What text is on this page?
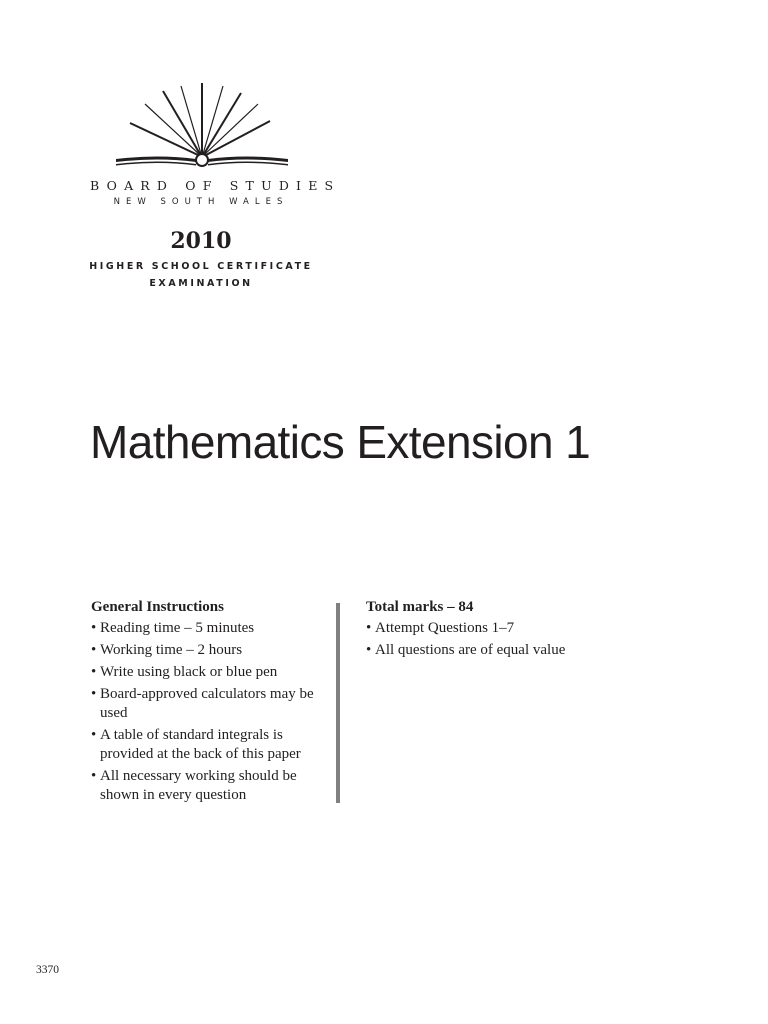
BOARD OF STUDIES
NEW SOUTH WALES
2010
HIGHER SCHOOL CERTIFICATE
EXAMINATION
Mathematics Extension 1
General Instructions
• Reading time – 5 minutes
• Working time – 2 hours
• Write using black or blue pen
• Board-approved calculators may be used
• A table of standard integrals is provided at the back of this paper
• All necessary working should be shown in every question
Total marks – 84
• Attempt Questions 1–7
• All questions are of equal value
3370
